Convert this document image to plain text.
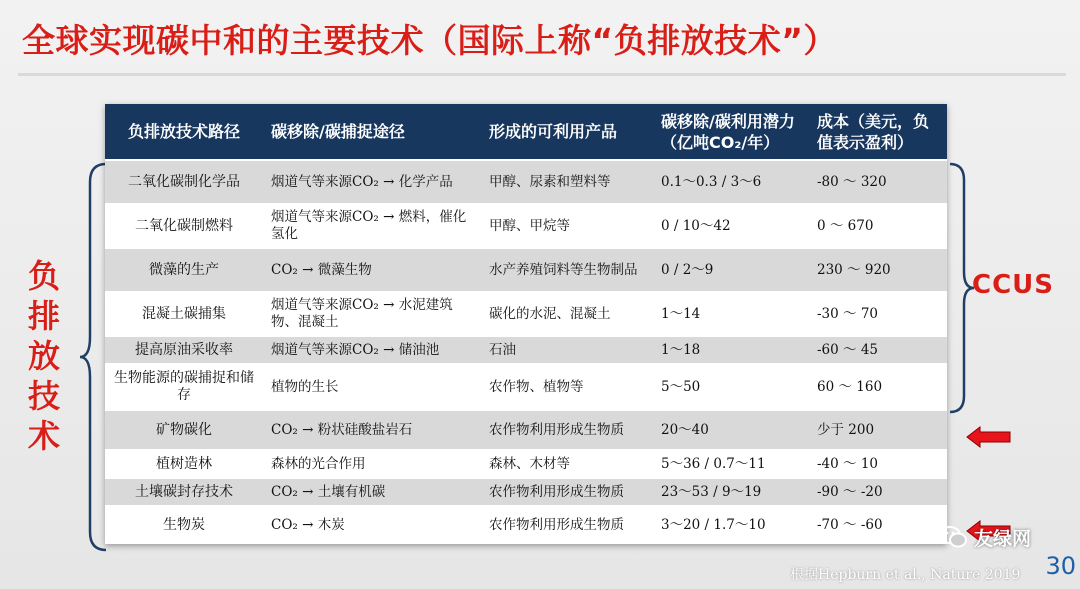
全球实现碳中和的主要技术（国际上称“负排放技术”）
负
排
放
技
术
负排放技术路径	碳移除/碳捕捉途径	形成的可利用产品	碳移除/碳利用潜力（亿吨CO₂/年）	成本（美元，负值表示盈利）
二氧化碳制化学品	烟道气等来源CO₂ → 化学产品	甲醇、尿素和塑料等	0.1～0.3 / 3～6	-80 ～ 320
二氧化碳制燃料	烟道气等来源CO₂ → 燃料，催化氢化	甲醇、甲烷等	0 / 10～42	0 ～ 670
微藻的生产	CO₂ → 微藻生物	水产养殖饲料等生物制品	0 / 2～9	230 ～ 920
混凝土碳捕集	烟道气等来源CO₂ → 水泥建筑物、混凝土	碳化的水泥、混凝土	1～14	-30 ～ 70
提高原油采收率	烟道气等来源CO₂ → 储油池	石油	1～18	-60 ～ 45
生物能源的碳捕捉和储存	植物的生长	农作物、植物等	5～50	60 ～ 160
矿物碳化	CO₂ → 粉状硅酸盐岩石	农作物利用形成生物质	20～40	少于 200
植树造林	森林的光合作用	森林、木材等	5～36 / 0.7～11	-40 ～ 10
土壤碳封存技术	CO₂ → 土壤有机碳	农作物利用形成生物质	23～53 / 9～19	-90 ～ -20
生物炭	CO₂ → 木炭	农作物利用形成生物质	3～20 / 1.7～10	-70 ～ -60
CCUS
友绿网
根据Hepburn et al., Nature 2019	30
